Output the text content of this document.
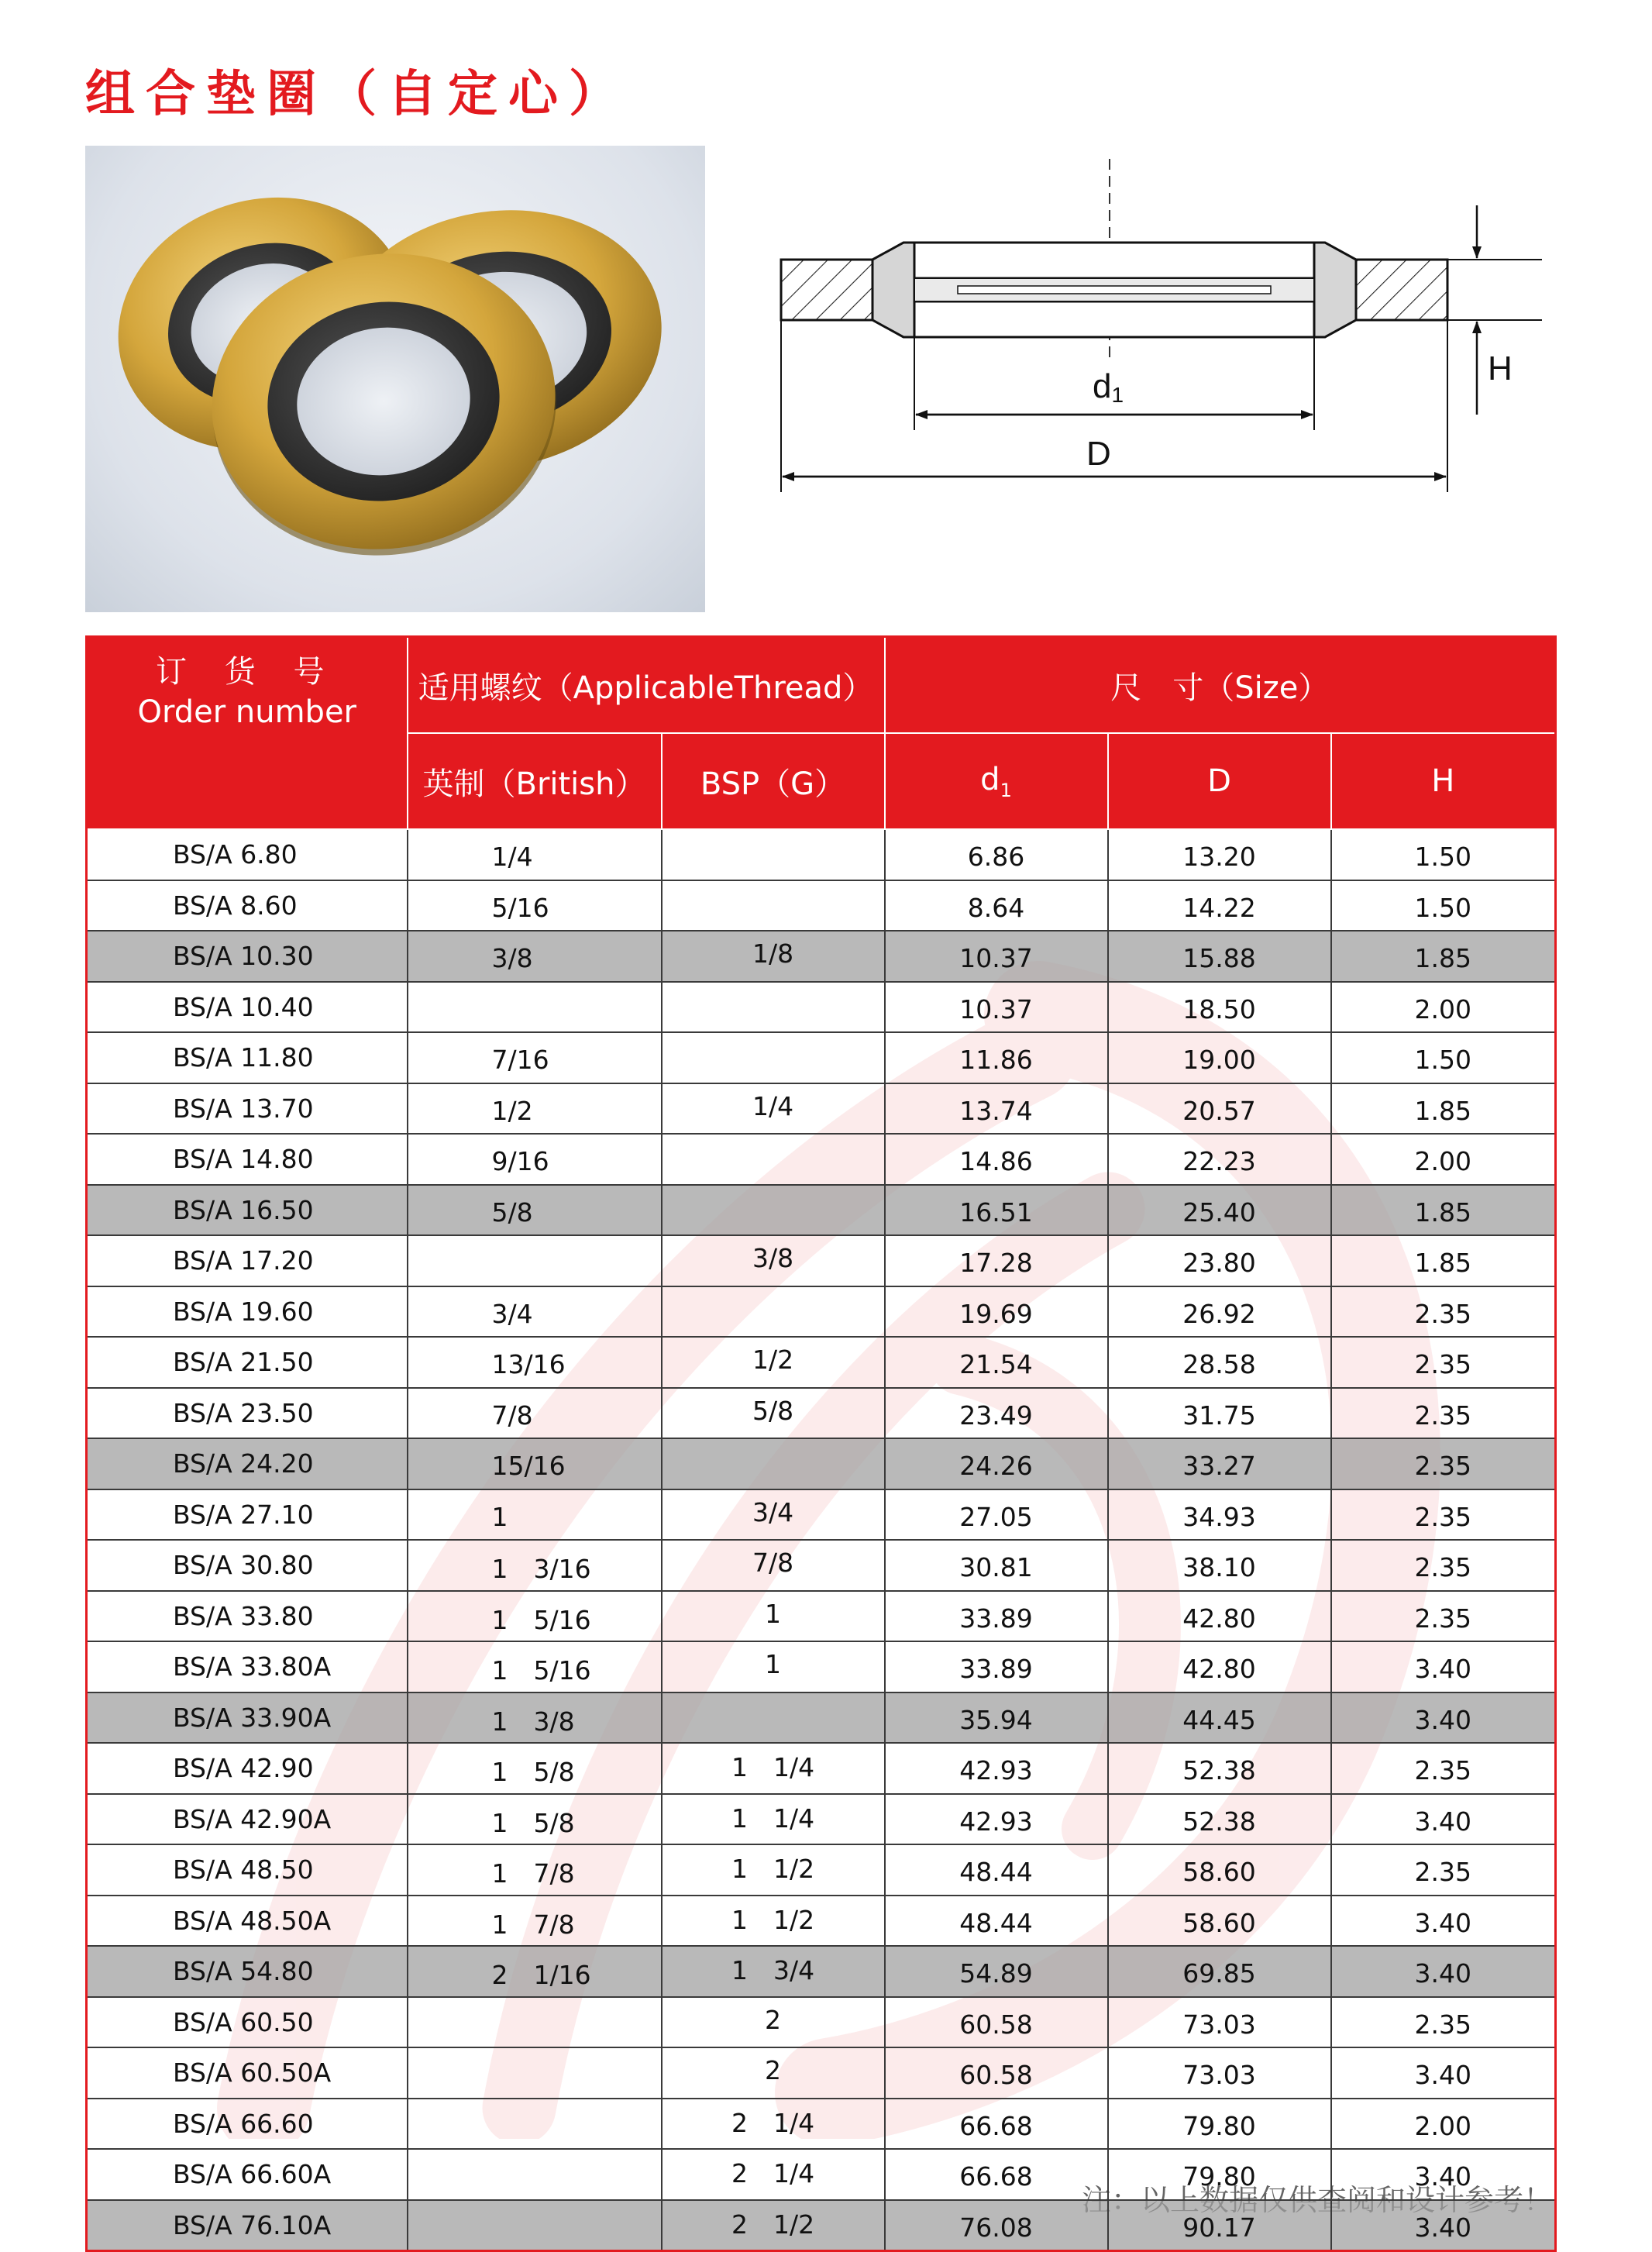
组合垫圈（自定心）
d1
D
H
订 货 号
Order number	适用螺纹（ApplicableThread）		尺　寸（Size）		
	英制（British）	BSP（G）	$d_1$	D	H
BS/A 6.80	1/4		6.86	13.20	1.50
BS/A 8.60	5/16		8.64	14.22	1.50
BS/A 10.30	3/8	1/8	10.37	15.88	1.85
BS/A 10.40			10.37	18.50	2.00
BS/A 11.80	7/16		11.86	19.00	1.50
BS/A 13.70	1/2	1/4	13.74	20.57	1.85
BS/A 14.80	9/16		14.86	22.23	2.00
BS/A 16.50	5/8		16.51	25.40	1.85
BS/A 17.20		3/8	17.28	23.80	1.85
BS/A 19.60	3/4		19.69	26.92	2.35
BS/A 21.50	13/16	1/2	21.54	28.58	2.35
BS/A 23.50	7/8	5/8	23.49	31.75	2.35
BS/A 24.20	15/16		24.26	33.27	2.35
BS/A 27.10	1	3/4	27.05	34.93	2.35
BS/A 30.80	1　3/16	7/8	30.81	38.10	2.35
BS/A 33.80	1　5/16	1	33.89	42.80	2.35
BS/A 33.80A	1　5/16	1	33.89	42.80	3.40
BS/A 33.90A	1　3/8		35.94	44.45	3.40
BS/A 42.90	1　5/8	1　1/4	42.93	52.38	2.35
BS/A 42.90A	1　5/8	1　1/4	42.93	52.38	3.40
BS/A 48.50	1　7/8	1　1/2	48.44	58.60	2.35
BS/A 48.50A	1　7/8	1　1/2	48.44	58.60	3.40
BS/A 54.80	2　1/16	1　3/4	54.89	69.85	3.40
BS/A 60.50		2	60.58	73.03	2.35
BS/A 60.50A		2	60.58	73.03	3.40
BS/A 66.60		2　1/4	66.68	79.80	2.00
BS/A 66.60A		2　1/4	66.68	79.80	3.40
BS/A 76.10A		2　1/2	76.08	90.17	3.40
